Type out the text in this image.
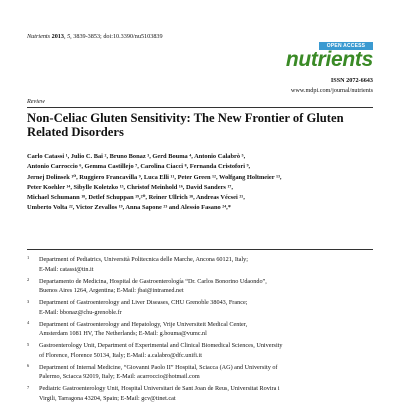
Nutrients 2013, 5, 3839-3853; doi:10.3390/nu5103839
OPEN ACCESS
nutrients
ISSN 2072-6643
www.mdpi.com/journal/nutrients
Review
Non-Celiac Gluten Sensitivity: The New Frontier of Gluten Related Disorders
Carlo Catassi ¹, Julio C. Bai ², Bruno Bonaz ³, Gerd Bouma ⁴, Antonio Calabrò ⁵,
Antonio Carroccio ⁶, Gemma Castillejo ⁷, Carolina Ciacci ⁸, Fernanda Cristofori ⁹,
Jernej Dolinsek ¹⁰, Ruggiero Francavilla ⁹, Luca Elli ¹¹, Peter Green ¹², Wolfgang Holtmeier ¹³,
Peter Koehler ¹⁴, Sibylle Koletzko ¹⁵, Christof Meinhold ¹⁶, David Sanders ¹⁷,
Michael Schumann ¹⁸, Detlef Schuppan ¹⁹,²⁰, Reiner Ullrich ¹⁸, Andreas Vécsei ²¹,
Umberto Volta ²², Victor Zevallos ¹⁹, Anna Sapone ²³ and Alessio Fasano ²⁴,*
1 Department of Pediatrics, Università Politecnica delle Marche, Ancona 60121, Italy;
E-Mail: catassi@tin.it
2 Departamento de Medicina, Hospital de Gastroenterología “Dr. Carlos Bonorino Udaondo”,
Buenos Aires 1264, Argentina; E-Mail: jbai@intramed.net
3 Department of Gastroenterology and Liver Diseases, CHU Grenoble 38043, France;
E-Mail: bbonaz@chu-grenoble.fr
4 Department of Gastroenterology and Hepatology, Vrije Universiteit Medical Center,
Amsterdam 1081 HV, The Netherlands; E-Mail: g.bouma@vumc.nl
5 Gastroenterology Unit, Department of Experimental and Clinical Biomedical Sciences, University
of Florence, Florence 50134, Italy; E-Mail: a.calabro@dfc.unifi.it
6 Department of Internal Medicine, “Giovanni Paolo II” Hospital, Sciacca (AG) and University of
Palermo, Sciacca 92019, Italy; E-Mail: acarroccio@hotmail.com
7 Pediatric Gastroenterology Unit, Hospital Universitari de Sant Joan de Reus, Universitat Rovira i
Virgili, Tarragona 43204, Spain; E-Mail: gcv@tinet.cat
